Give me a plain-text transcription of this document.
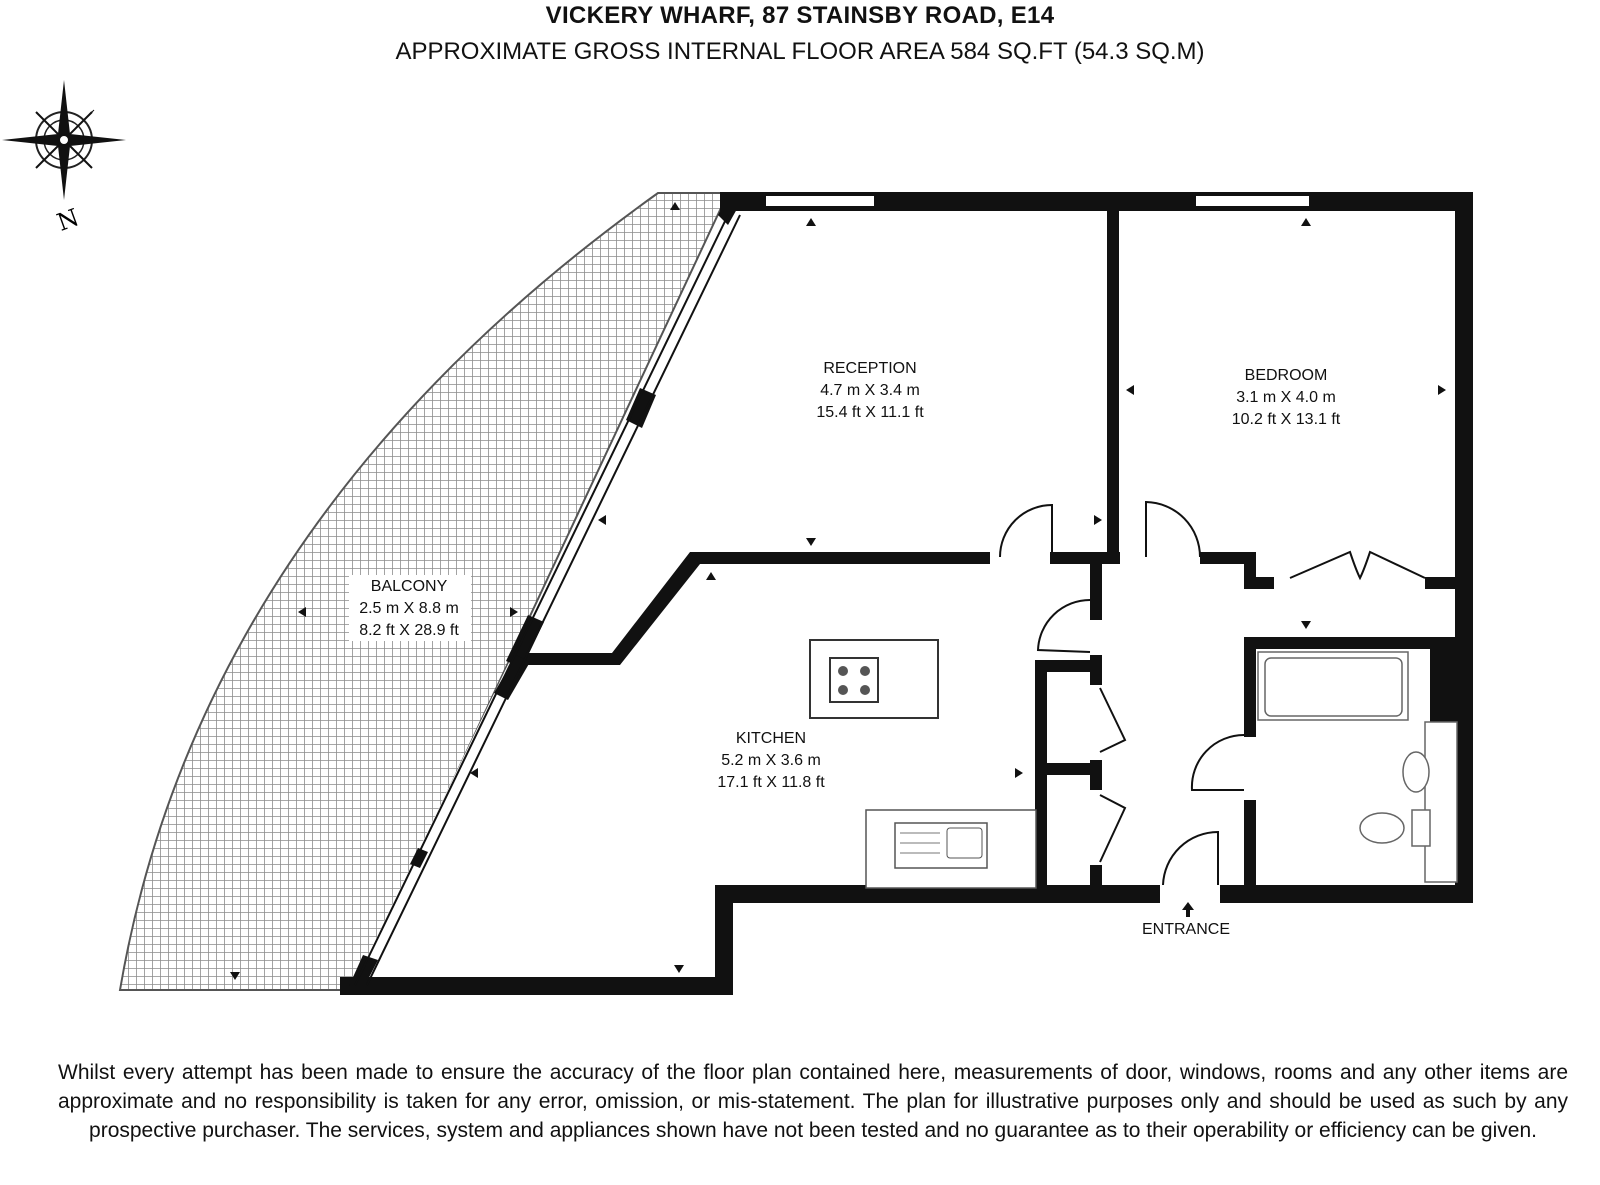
VICKERY WHARF, 87 STAINSBY ROAD, E14

APPROXIMATE GROSS INTERNAL FLOOR AREA 584 SQ.FT (54.3 SQ.M)

N
RECEPTION
4.7 m X 3.4 m
15.4 ft X 11.1 ft
BEDROOM
3.1 m X 4.0 m
10.2 ft X 13.1 ft
KITCHEN
5.2 m X 3.6 m
17.1 ft X 11.8 ft
BALCONY
2.5 m X 8.8 m
8.2 ft X 28.9 ft
ENTRANCE

Whilst every attempt has been made to ensure the accuracy of the floor plan contained here, measurements of door, windows, rooms and any other items are approximate and no responsibility is taken for any error, omission, or mis-statement. The plan for illustrative purposes only and should be used as such by any prospective purchaser. The services, system and appliances shown have not been tested and no guarantee as to their operability or efficiency can be given.
